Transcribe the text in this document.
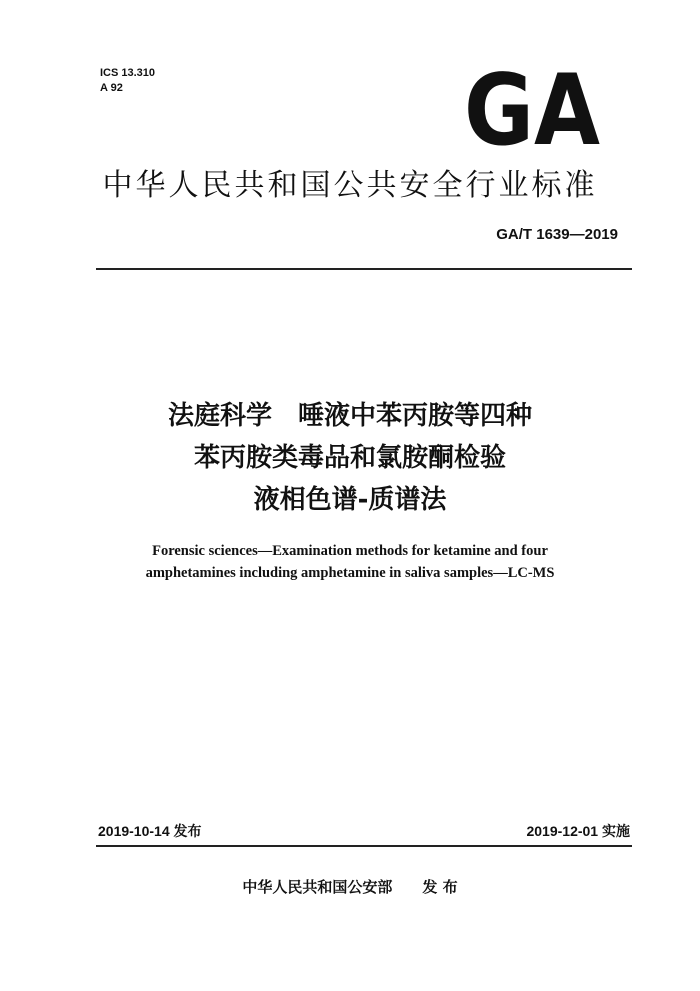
ICS 13.310
A 92	GA
中华人民共和国公共安全行业标准
GA/T 1639—2019
法庭科学　唾液中苯丙胺等四种
苯丙胺类毒品和氯胺酮检验
液相色谱-质谱法
Forensic sciences—Examination methods for ketamine and four
amphetamines including amphetamine in saliva samples—LC-MS
2019-10-14 发布	2019-12-01 实施
中华人民共和国公安部　　发 布
